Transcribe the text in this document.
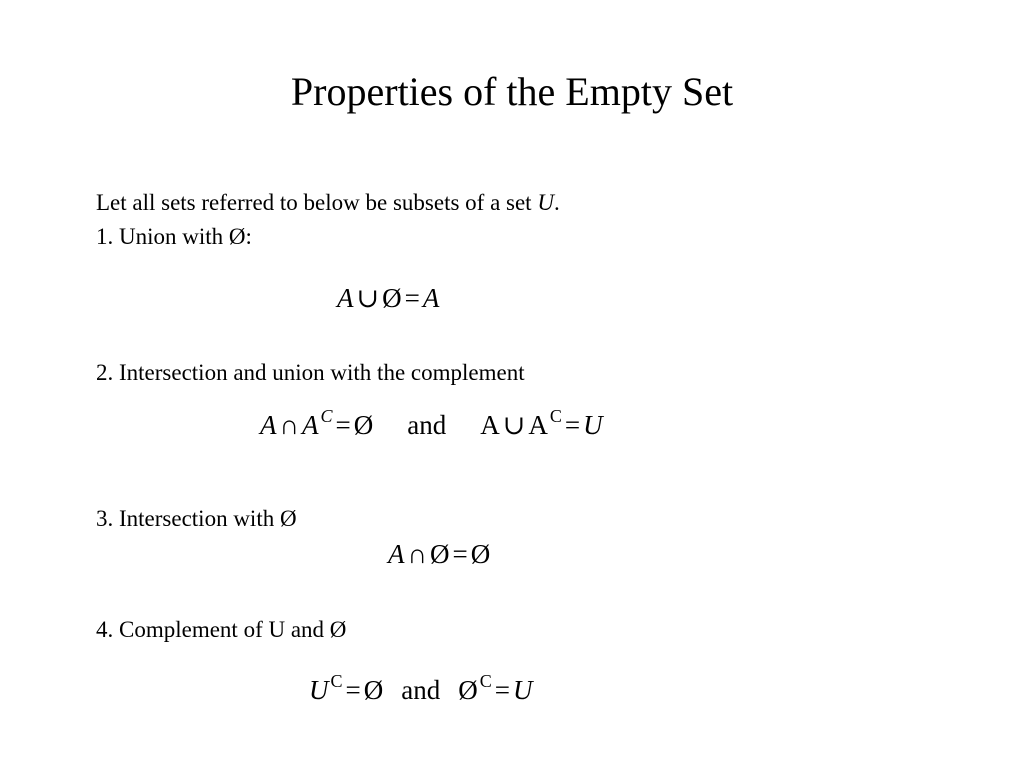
Properties of the Empty Set
Let all sets referred to below be subsets of a set U.
1. Union with Ø:
A ∪ Ø = A
2. Intersection and union with the complement
A ∩ A $^C$ = Ø and A ∪ A $^C$ = U
3. Intersection with Ø
A ∩ Ø = Ø
4. Complement of U and Ø
U $^C$ = Ø and Ø $^C$ = U
